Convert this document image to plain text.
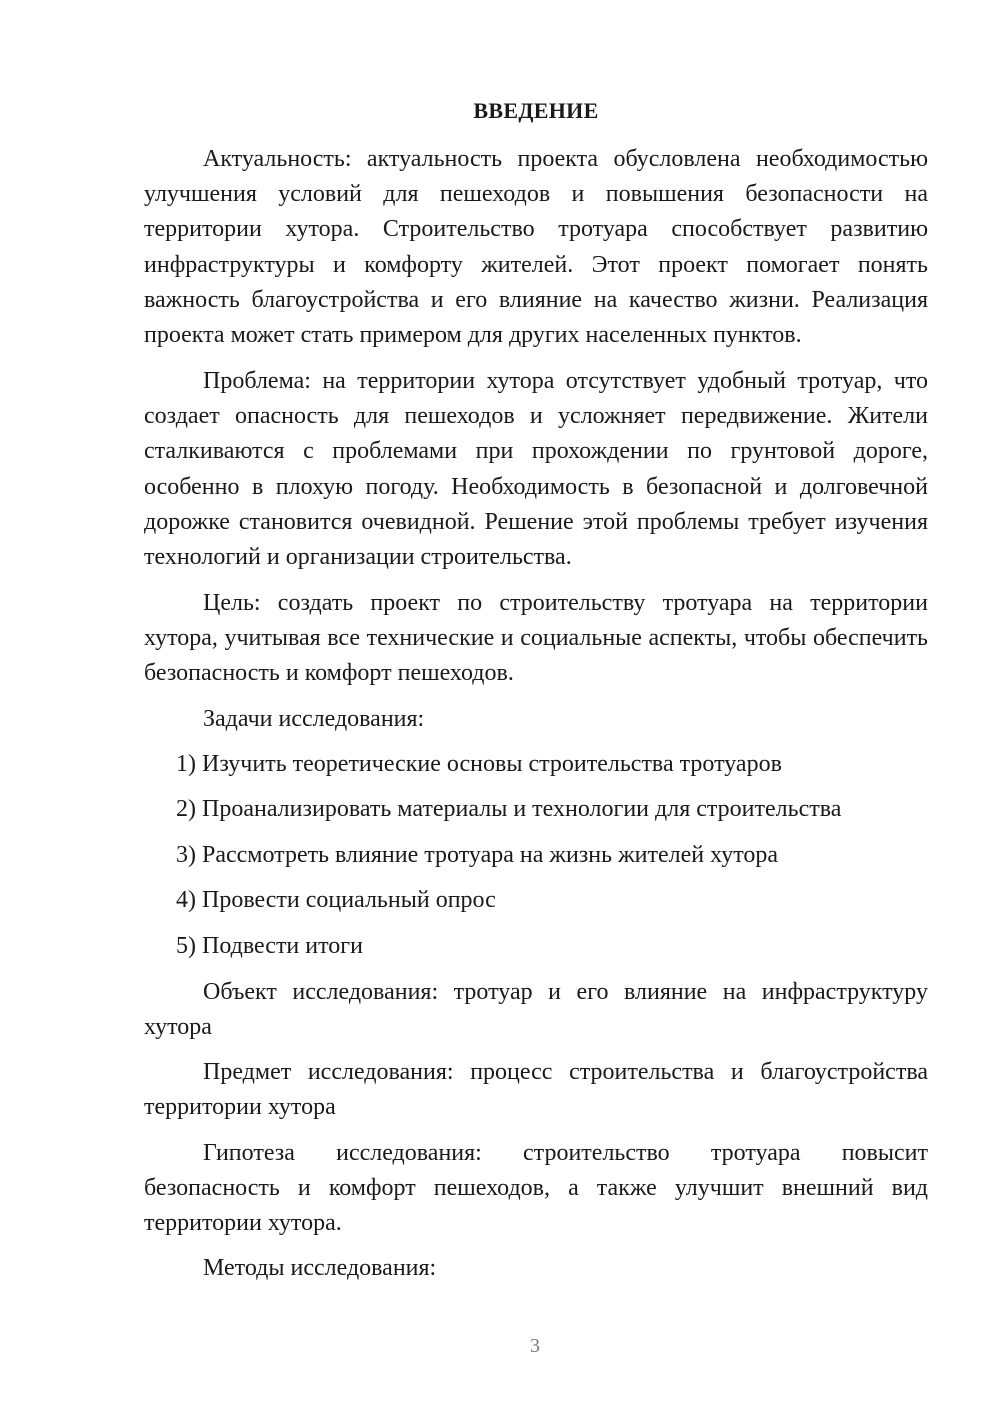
ВВЕДЕНИЕ

Актуальность: актуальность проекта обусловлена необходимостью улучшения условий для пешеходов и повышения безопасности на территории хутора. Строительство тротуара способствует развитию инфраструктуры и комфорту жителей. Этот проект помогает понять важность благоустройства и его влияние на качество жизни. Реализация проекта может стать примером для других населенных пунктов.

Проблема: на территории хутора отсутствует удобный тротуар, что создает опасность для пешеходов и усложняет передвижение. Жители сталкиваются с проблемами при прохождении по грунтовой дороге, особенно в плохую погоду. Необходимость в безопасной и долговечной дорожке становится очевидной. Решение этой проблемы требует изучения технологий и организации строительства.

Цель: создать проект по строительству тротуара на территории хутора, учитывая все технические и социальные аспекты, чтобы обеспечить безопасность и комфорт пешеходов.

Задачи исследования:

1) Изучить теоретические основы строительства тротуаров

2) Проанализировать материалы и технологии для строительства

3) Рассмотреть влияние тротуара на жизнь жителей хутора

4) Провести социальный опрос

5) Подвести итоги

Объект исследования: тротуар и его влияние на инфраструктуру хутора

Предмет исследования: процесс строительства и благоустройства территории хутора

Гипотеза исследования: строительство тротуара повысит безопасность и комфорт пешеходов, а также улучшит внешний вид территории хутора.

Методы исследования:

3
